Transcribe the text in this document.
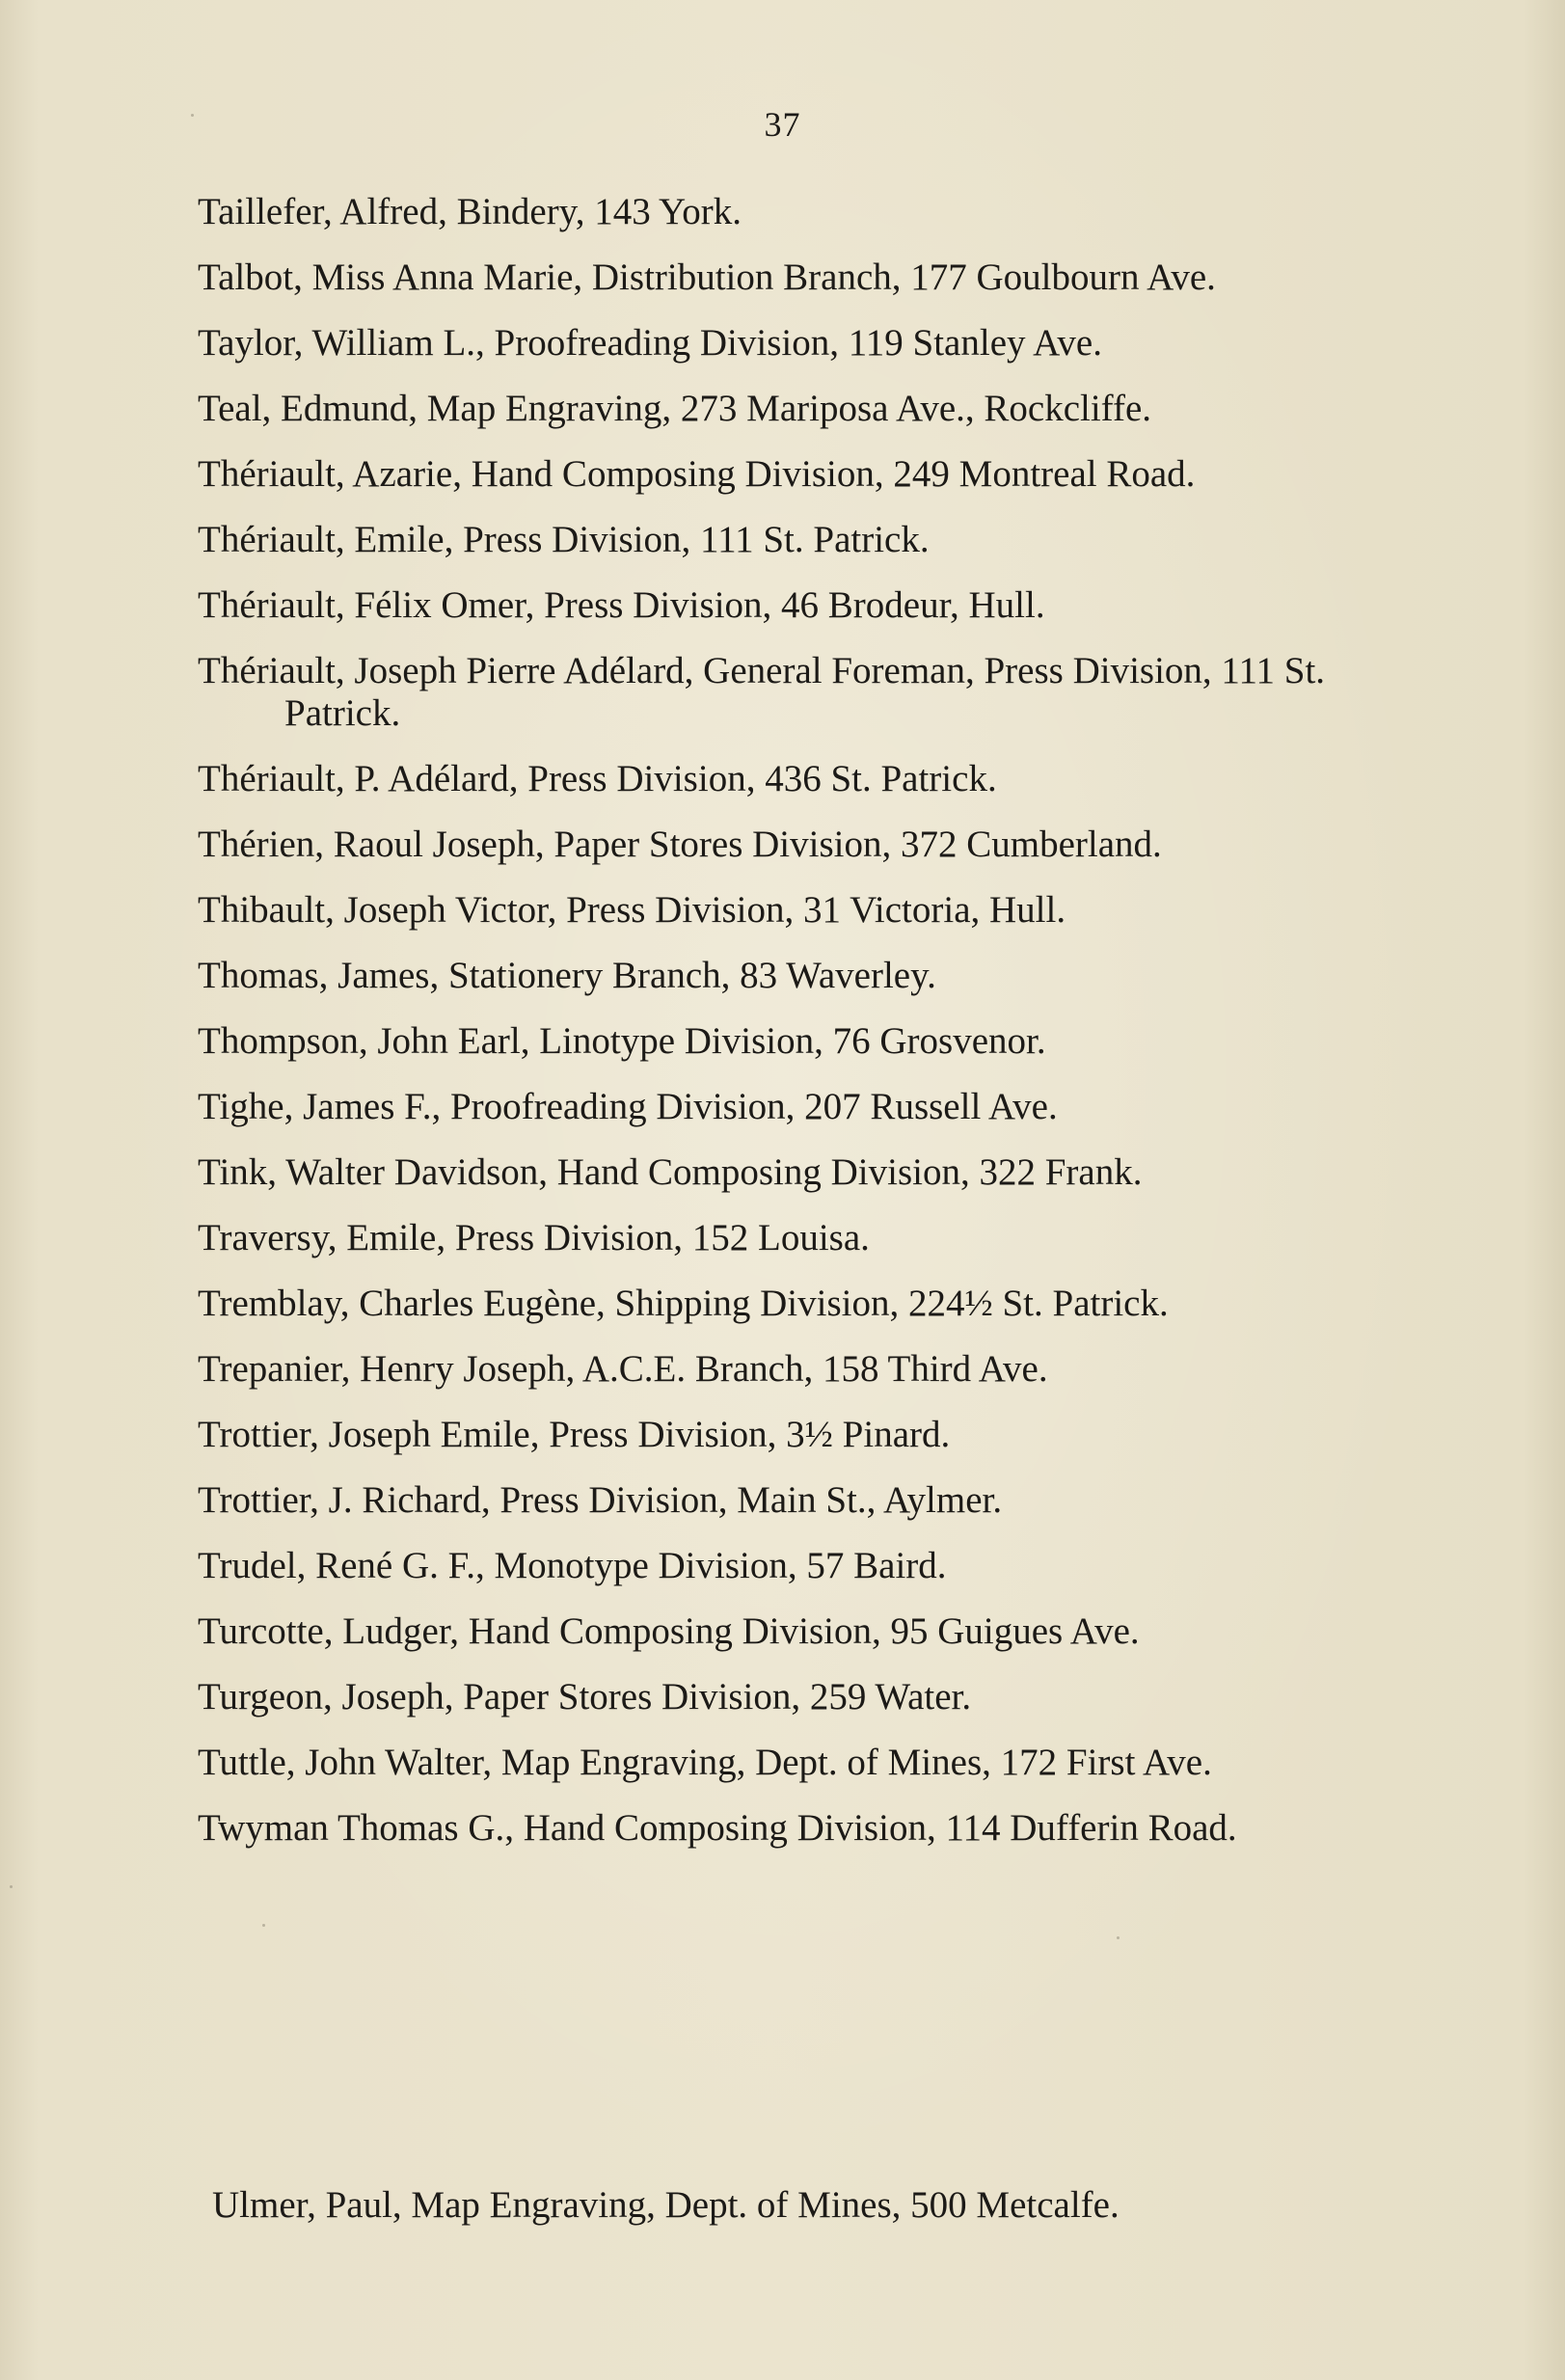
37
Taillefer, Alfred, Bindery, 143 York.
Talbot, Miss Anna Marie, Distribution Branch, 177 Goulbourn Ave.
Taylor, William L., Proofreading Division, 119 Stanley Ave.
Teal, Edmund, Map Engraving, 273 Mariposa Ave., Rockcliffe.
Thériault, Azarie, Hand Composing Division, 249 Montreal Road.
Thériault, Emile, Press Division, 111 St. Patrick.
Thériault, Félix Omer, Press Division, 46 Brodeur, Hull.
Thériault, Joseph Pierre Adélard, General Foreman, Press Division, 111 St. Patrick.
Thériault, P. Adélard, Press Division, 436 St. Patrick.
Thérien, Raoul Joseph, Paper Stores Division, 372 Cumberland.
Thibault, Joseph Victor, Press Division, 31 Victoria, Hull.
Thomas, James, Stationery Branch, 83 Waverley.
Thompson, John Earl, Linotype Division, 76 Grosvenor.
Tighe, James F., Proofreading Division, 207 Russell Ave.
Tink, Walter Davidson, Hand Composing Division, 322 Frank.
Traversy, Emile, Press Division, 152 Louisa.
Tremblay, Charles Eugène, Shipping Division, 224½ St. Patrick.
Trepanier, Henry Joseph, A.C.E. Branch, 158 Third Ave.
Trottier, Joseph Emile, Press Division, 3½ Pinard.
Trottier, J. Richard, Press Division, Main St., Aylmer.
Trudel, René G. F., Monotype Division, 57 Baird.
Turcotte, Ludger, Hand Composing Division, 95 Guigues Ave.
Turgeon, Joseph, Paper Stores Division, 259 Water.
Tuttle, John Walter, Map Engraving, Dept. of Mines, 172 First Ave.
Twyman Thomas G., Hand Composing Division, 114 Dufferin Road.
Ulmer, Paul, Map Engraving, Dept. of Mines, 500 Metcalfe.
